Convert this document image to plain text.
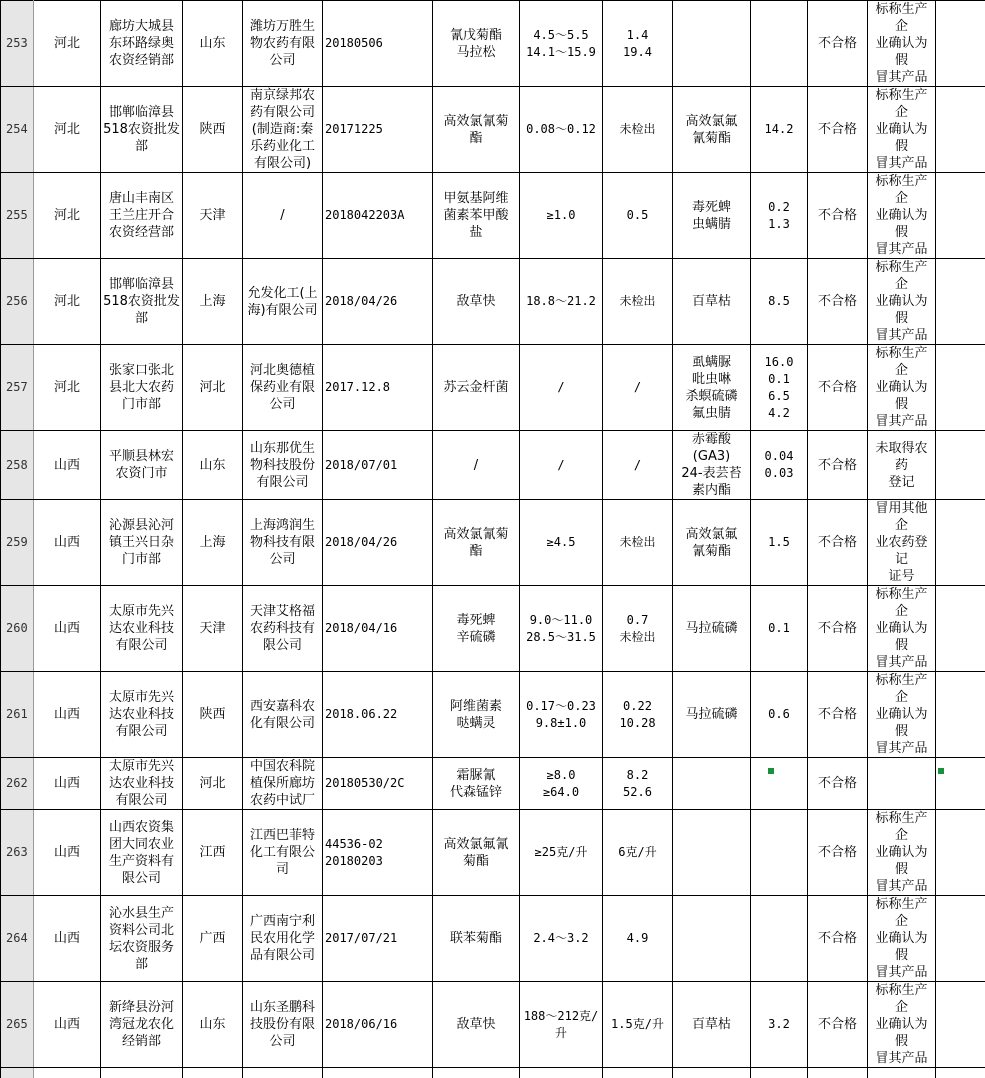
253	河北	廊坊大城县
东环路绿奥
农资经销部	山东	潍坊万胜生
物农药有限
公司	20180506	氰戊菊酯
马拉松	4.5～5.5
14.1～15.9	1.4
19.4			不合格	标称生产企
业确认为假
冒其产品	
254	河北	邯郸临漳县
518农资批发
部	陕西	南京绿邦农
药有限公司
(制造商:秦
乐药业化工
有限公司)	20171225	高效氯氰菊
酯	0.08～0.12	未检出	高效氯氟
氰菊酯	14.2	不合格	标称生产企
业确认为假
冒其产品	
255	河北	唐山丰南区
王兰庄开合
农资经营部	天津	/	2018042203A	甲氨基阿维
菌素苯甲酸
盐	≥1.0	0.5	毒死蜱
虫螨腈	0.2
1.3	不合格	标称生产企
业确认为假
冒其产品	
256	河北	邯郸临漳县
518农资批发
部	上海	允发化工(上
海)有限公司	2018/04/26	敌草快	18.8～21.2	未检出	百草枯	8.5	不合格	标称生产企
业确认为假
冒其产品	
257	河北	张家口张北
县北大农药
门市部	河北	河北奥德植
保药业有限
公司	2017.12.8	苏云金杆菌	/	/	虱螨脲
吡虫啉
杀螟硫磷
氟虫腈	16.0
0.1
6.5
4.2	不合格	标称生产企
业确认为假
冒其产品	
258	山西	平顺县林宏
农资门市	山东	山东那优生
物科技股份
有限公司	2018/07/01	/	/	/	赤霉酸
(GA3)
24-表芸苔
素内酯	0.04
0.03	不合格	未取得农药
登记	
259	山西	沁源县沁河
镇王兴日杂
门市部	上海	上海鸿润生
物科技有限
公司	2018/04/26	高效氯氰菊
酯	≥4.5	未检出	高效氯氟
氰菊酯	1.5	不合格	冒用其他企
业农药登记
证号	
260	山西	太原市先兴
达农业科技
有限公司	天津	天津艾格福
农药科技有
限公司	2018/04/16	毒死蜱
辛硫磷	9.0～11.0
28.5～31.5	0.7
未检出	马拉硫磷	0.1	不合格	标称生产企
业确认为假
冒其产品	
261	山西	太原市先兴
达农业科技
有限公司	陕西	西安嘉科农
化有限公司	2018.06.22	阿维菌素
哒螨灵	0.17～0.23
9.8±1.0	0.22
10.28	马拉硫磷	0.6	不合格	标称生产企
业确认为假
冒其产品	
262	山西	太原市先兴
达农业科技
有限公司	河北	中国农科院
植保所廊坊
农药中试厂	20180530/2C	霜脲氰
代森锰锌	≥8.0
≥64.0	8.2
52.6			不合格		
263	山西	山西农资集
团大同农业
生产资料有
限公司	江西	江西巴菲特
化工有限公
司	44536-02
20180203	高效氯氟氰
菊酯	≥25克/升	6克/升			不合格	标称生产企
业确认为假
冒其产品	
264	山西	沁水县生产
资料公司北
坛农资服务
部	广西	广西南宁利
民农用化学
品有限公司	2017/07/21	联苯菊酯	2.4～3.2	4.9			不合格	标称生产企
业确认为假
冒其产品	
265	山西	新绛县汾河
湾冠龙农化
经销部	山东	山东圣鹏科
技股份有限
公司	2018/06/16	敌草快	188～212克/
升	1.5克/升	百草枯	3.2	不合格	标称生产企
业确认为假
冒其产品	
